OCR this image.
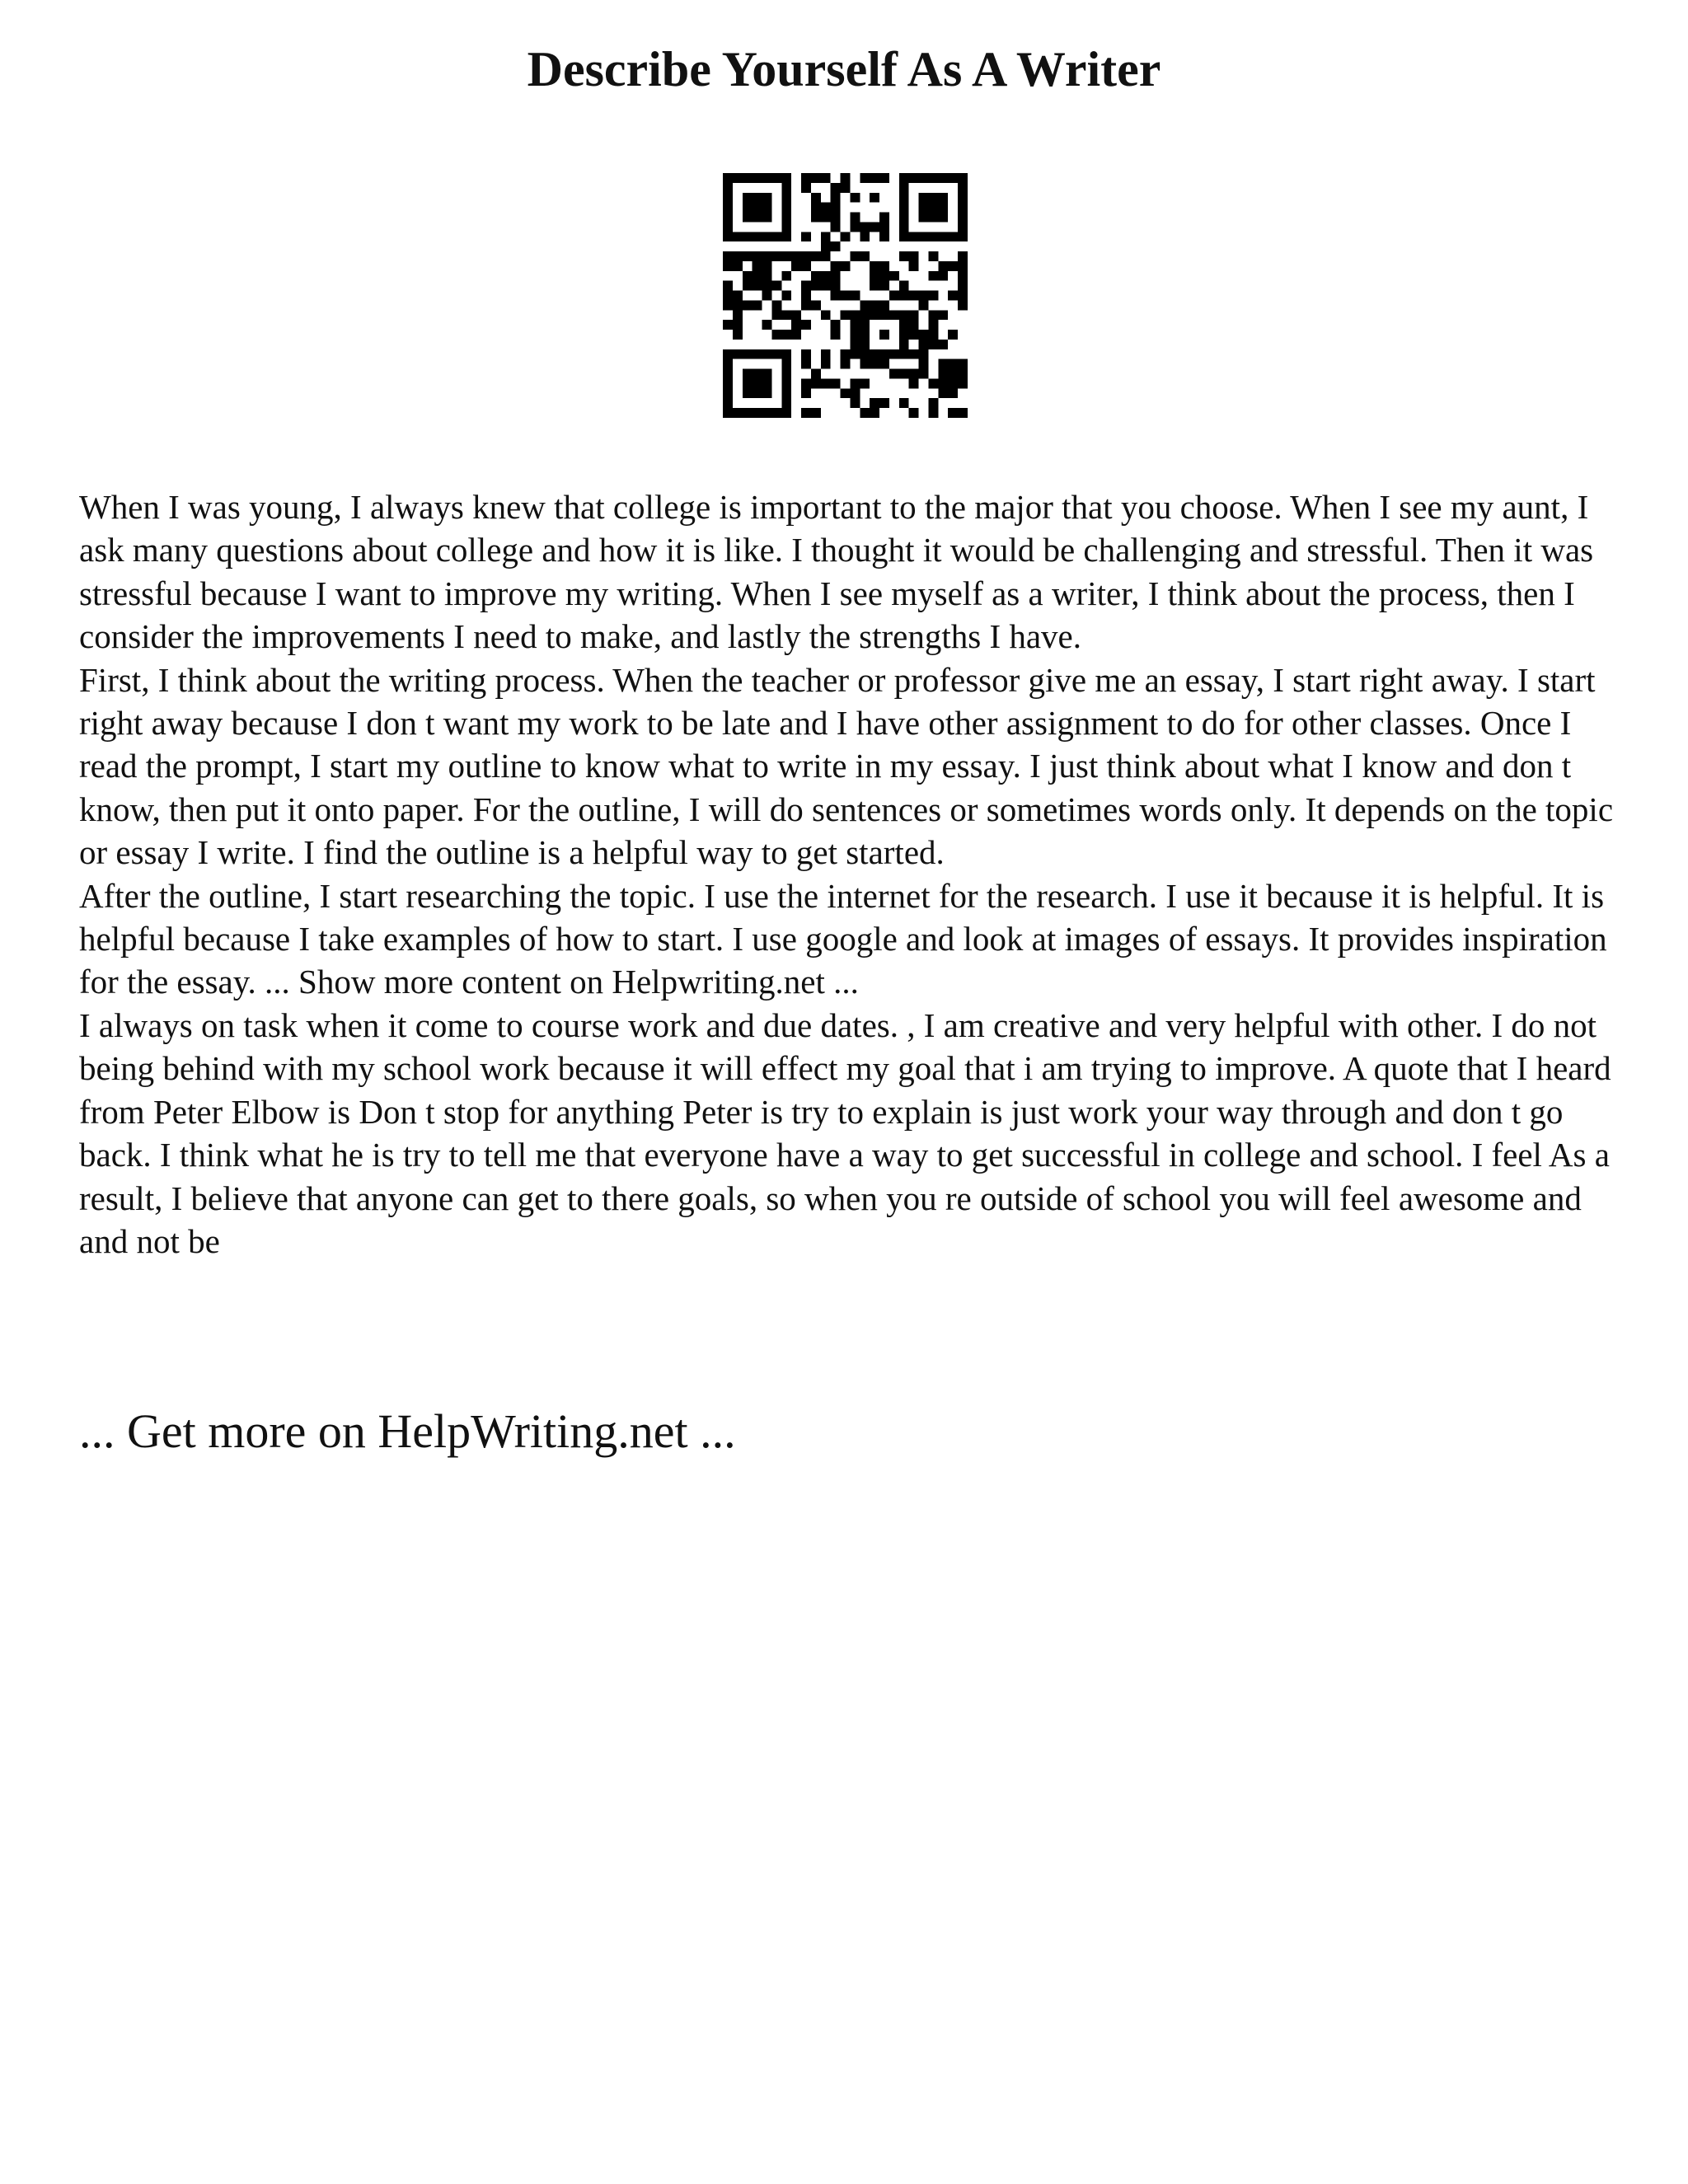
Describe Yourself As A Writer

When I was young, I always knew that college is important to the major that you choose. When I see my aunt, I ask many questions about college and how it is like. I thought it would be challenging and stressful. Then it was stressful because I want to improve my writing. When I see myself as a writer, I think about the process, then I consider the improvements I need to make, and lastly the strengths I have.

First, I think about the writing process. When the teacher or professor give me an essay, I start right away. I start right away because I don t want my work to be late and I have other assignment to do for other classes. Once I read the prompt, I start my outline to know what to write in my essay. I just think about what I know and don t know, then put it onto paper. For the outline, I will do sentences or sometimes words only. It depends on the topic or essay I write. I find the outline is a helpful way to get started.

After the outline, I start researching the topic. I use the internet for the research. I use it because it is helpful. It is helpful because I take examples of how to start. I use google and look at images of essays. It provides inspiration for the essay. ... Show more content on Helpwriting.net ...

I always on task when it come to course work and due dates. , I am creative and very helpful with other. I do not being behind with my school work because it will effect my goal that i am trying to improve. A quote that I heard from Peter Elbow is Don t stop for anything Peter is try to explain is just work your way through and don t go back. I think what he is try to tell me that everyone have a way to get successful in college and school. I feel As a result, I believe that anyone can get to there goals, so when you re outside of school you will feel awesome and and not be

... Get more on HelpWriting.net ...
